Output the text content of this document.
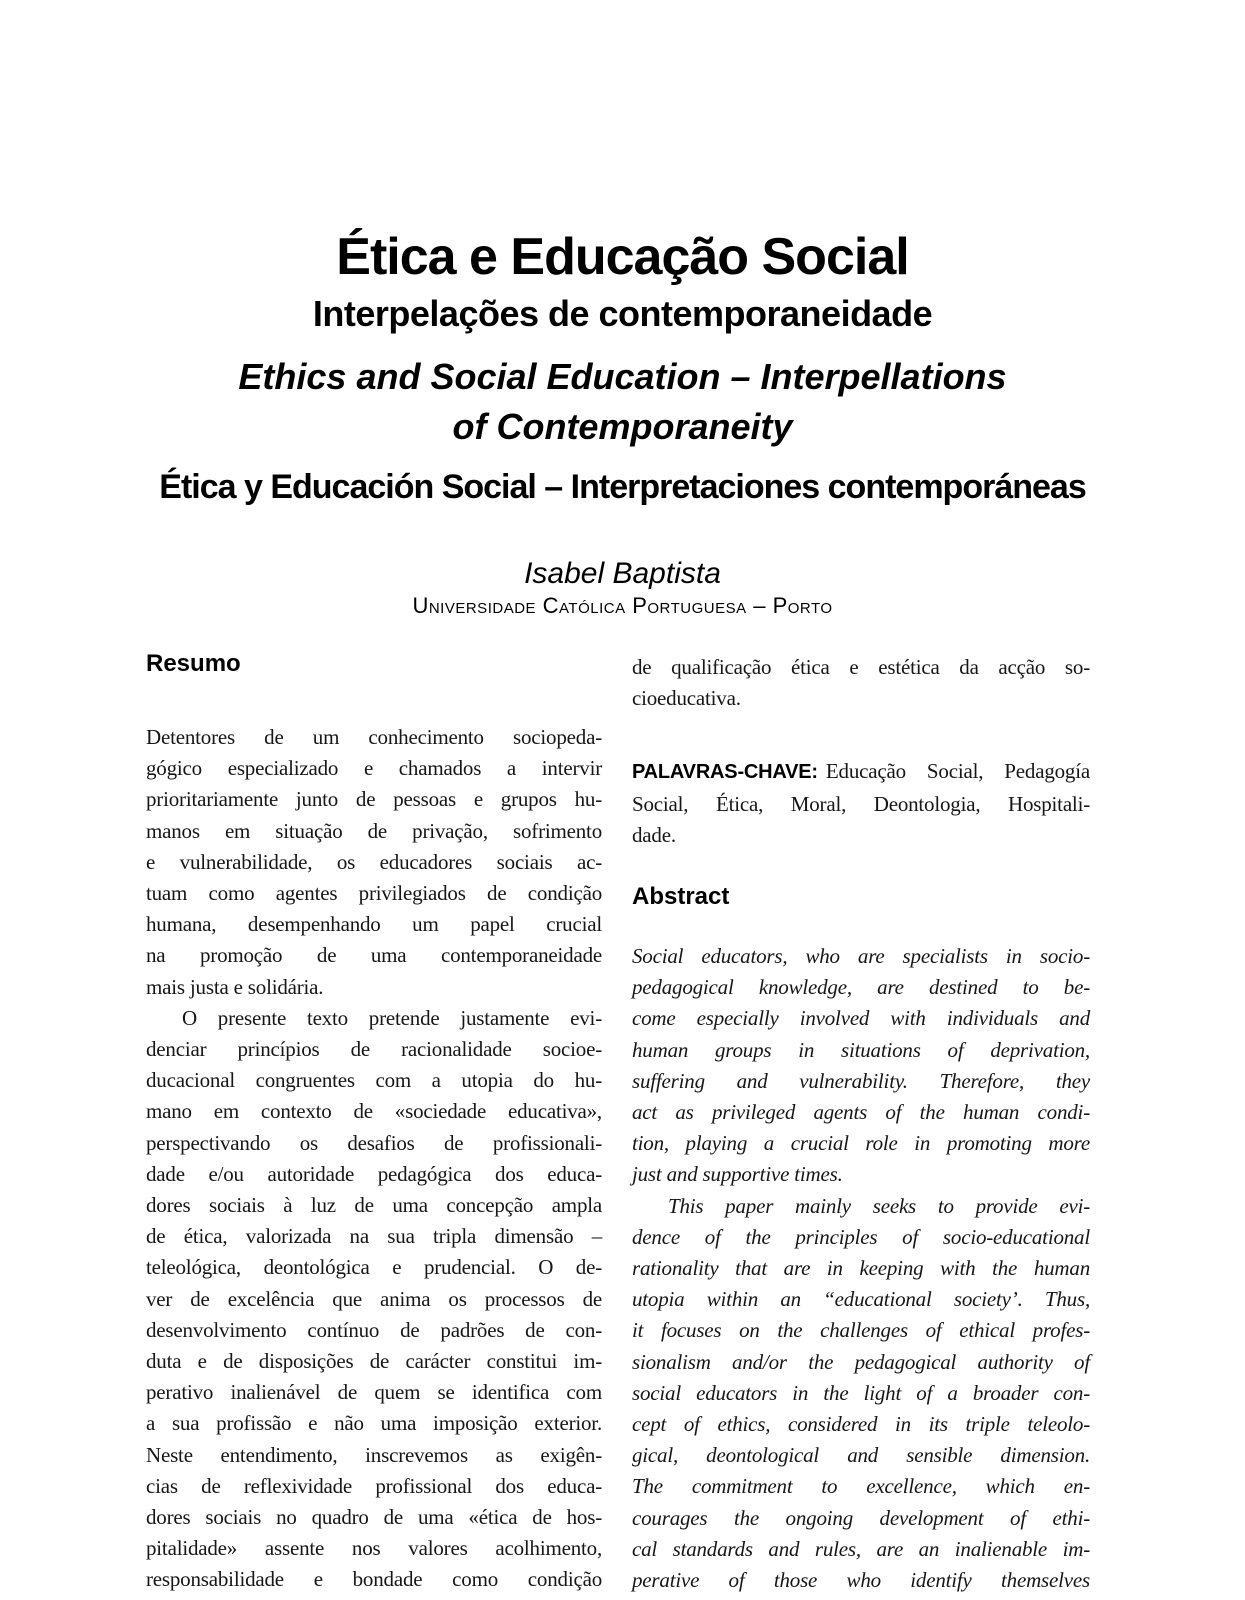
Ética e Educação Social
Interpelações de contemporaneidade
Ethics and Social Education – Interpellations
of Contemporaneity
Ética y Educación Social – Interpretaciones contemporáneas
Isabel Baptista
Universidade Católica Portuguesa – Porto
Resumo
Detentores de um conhecimento sociopeda-
gógico especializado e chamados a intervir
prioritariamente junto de pessoas e grupos hu-
manos em situação de privação, sofrimento
e vulnerabilidade, os educadores sociais ac-
tuam como agentes privilegiados de condição
humana, desempenhando um papel crucial
na promoção de uma contemporaneidade
mais justa e solidária.
O presente texto pretende justamente evi-
denciar princípios de racionalidade socioe-
ducacional congruentes com a utopia do hu-
mano em contexto de «sociedade educativa»,
perspectivando os desafios de profissionali-
dade e/ou autoridade pedagógica dos educa-
dores sociais à luz de uma concepção ampla
de ética, valorizada na sua tripla dimensão –
teleológica, deontológica e prudencial. O de-
ver de excelência que anima os processos de
desenvolvimento contínuo de padrões de con-
duta e de disposições de carácter constitui im-
perativo inalienável de quem se identifica com
a sua profissão e não uma imposição exterior.
Neste entendimento, inscrevemos as exigên-
cias de reflexividade profissional dos educa-
dores sociais no quadro de uma «ética de hos-
pitalidade» assente nos valores acolhimento,
responsabilidade e bondade como condição
de qualificação ética e estética da acção so-
cioeducativa.
PALAVRAS-CHAVE: Educação Social, Pedagogía
Social, Ética, Moral, Deontologia, Hospitali-
dade.
Abstract
Social educators, who are specialists in socio-
pedagogical knowledge, are destined to be-
come especially involved with individuals and
human groups in situations of deprivation,
suffering and vulnerability. Therefore, they
act as privileged agents of the human condi-
tion, playing a crucial role in promoting more
just and supportive times.
This paper mainly seeks to provide evi-
dence of the principles of socio-educational
rationality that are in keeping with the human
utopia within an “educational society’. Thus,
it focuses on the challenges of ethical profes-
sionalism and/or the pedagogical authority of
social educators in the light of a broader con-
cept of ethics, considered in its triple teleolo-
gical, deontological and sensible dimension.
The commitment to excellence, which en-
courages the ongoing development of ethi-
cal standards and rules, are an inalienable im-
perative of those who identify themselves
